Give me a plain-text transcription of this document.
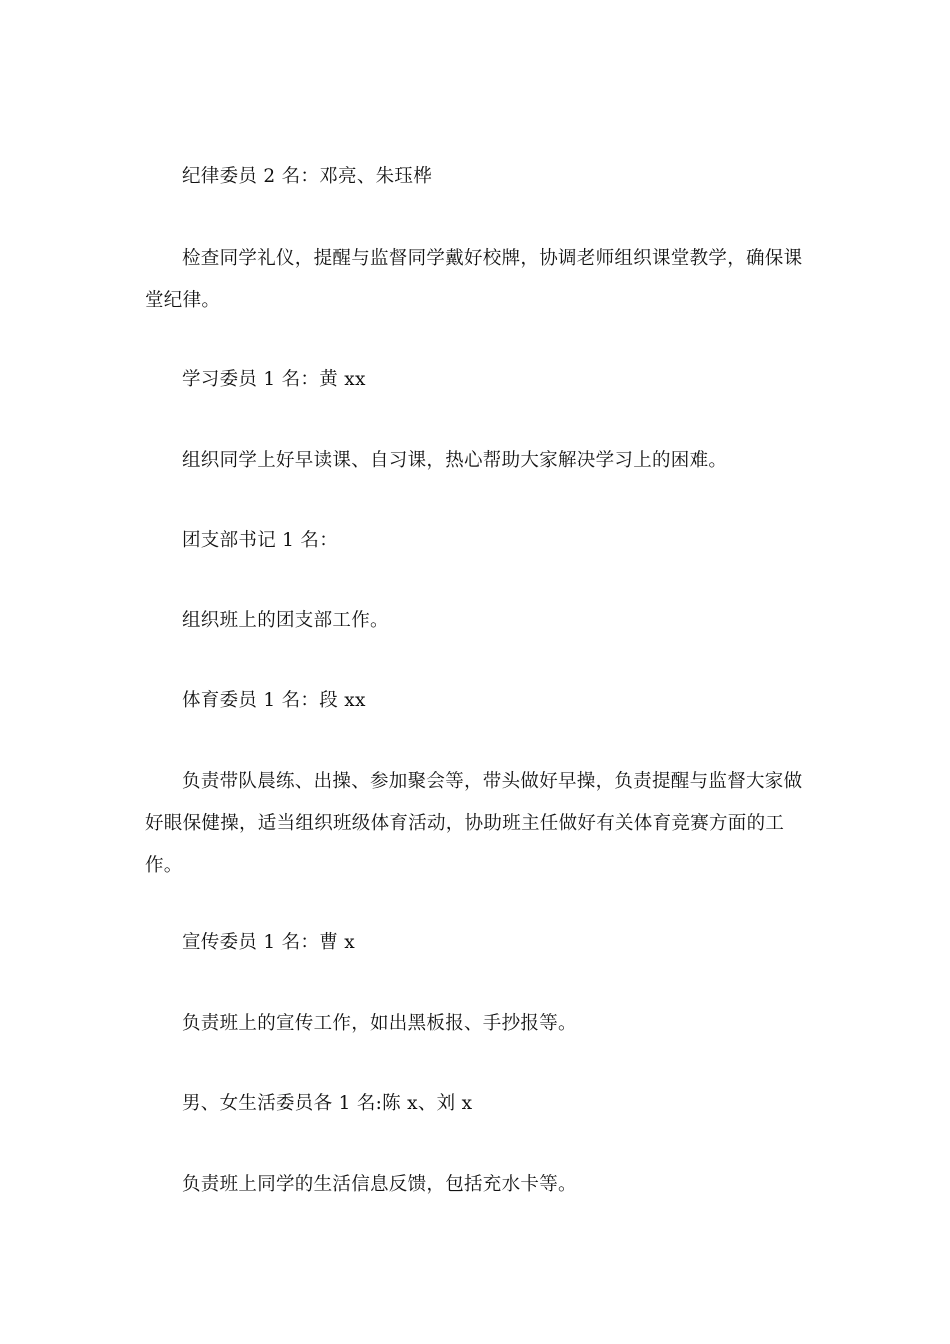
纪律委员 2 名：邓亮、朱珏桦

检查同学礼仪，提醒与监督同学戴好校牌，协调老师组织课堂教学，确保课堂纪律。

学习委员 1 名：黄 xx

组织同学上好早读课、自习课，热心帮助大家解决学习上的困难。

团支部书记 1 名：

组织班上的团支部工作。

体育委员 1 名：段 xx

负责带队晨练、出操、参加聚会等，带头做好早操，负责提醒与监督大家做好眼保健操，适当组织班级体育活动，协助班主任做好有关体育竞赛方面的工作。

宣传委员 1 名：曹 x

负责班上的宣传工作，如出黑板报、手抄报等。

男、女生活委员各 1 名:陈 x、刘 x

负责班上同学的生活信息反馈，包括充水卡等。
